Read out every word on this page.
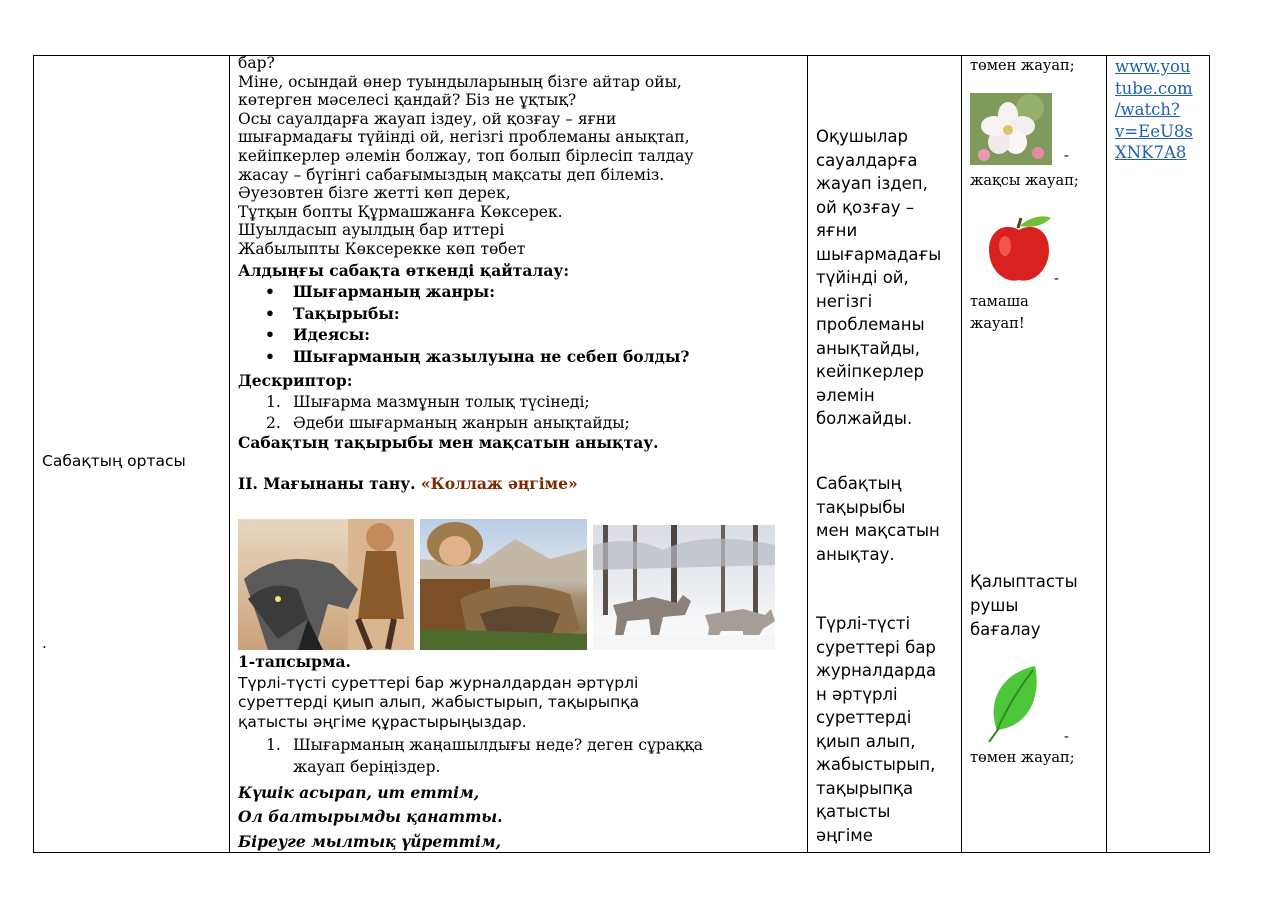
Сабақтың ортасы
.
бар?
Міне, осындай өнер туындыларының бізге айтар ойы,
көтерген мәселесі қандай? Біз не ұқтық?
Осы сауалдарға жауап іздеу, ой қозғау – яғни
шығармадағы түйінді ой, негізгі проблеманы анықтап,
кейіпкерлер әлемін болжау, топ болып бірлесіп талдау
жасау – бүгінгі сабағымыздың мақсаты деп білеміз.
Әуезовтен бізге жетті көп дерек,
Тұтқын бопты Құрмашжанға Көксерек.
Шуылдасып ауылдың бар иттері
Жабылыпты Көксерекке көп төбет
Алдыңғы сабақта өткенді қайталау:
• Шығарманың жанры:
• Тақырыбы:
• Идеясы:
• Шығарманың жазылуына не себеп болды?
Дескриптор:
1. Шығарма мазмұнын толық түсінеді;
2. Әдеби шығарманың жанрын анықтайды;
Сабақтың тақырыбы мен мақсатын анықтау.
II. Мағынаны тану. «Коллаж әңгіме»
1-тапсырма.
Түрлі-түсті суреттері бар журналдардан әртүрлі
суреттерді қиып алып, жабыстырып, тақырыпқа
қатысты әңгіме құрастырыңыздар.
1. Шығарманың жаңашылдығы неде? деген сұраққа
жауап беріңіздер.
Күшік асырап, ит еттім,
Ол балтырымды қанатты.
Біреуге мылтық үйреттім,
Оқушылар
сауалдарға
жауап іздеп,
ой қозғау –
яғни
шығармадағы
түйінді ой,
негізгі
проблеманы
анықтайды,
кейіпкерлер
әлемін
болжайды.
Сабақтың
тақырыбы
мен мақсатын
анықтау.
Түрлі-түсті
суреттері бар
журналдарда
н әртүрлі
суреттерді
қиып алып,
жабыстырып,
тақырыпқа
қатысты
әңгіме
төмен жауап;
-
жақсы жауап;
-
тамаша
жауап!
Қалыптасты
рушы
бағалау
-
төмен жауап;
www.you
tube.com
/watch?
v=EeU8s
XNK7A8
